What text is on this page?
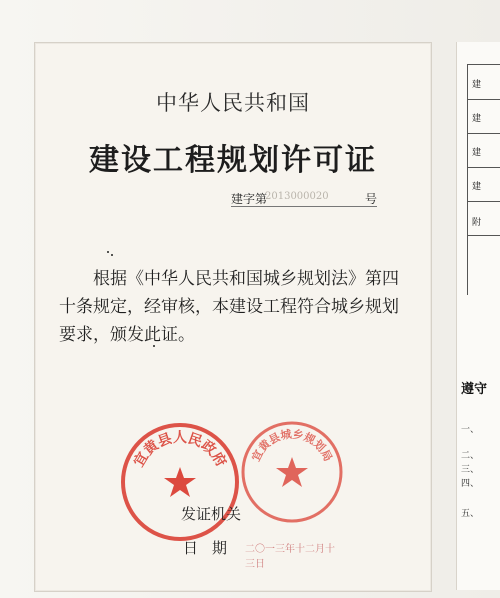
中华人民共和国
建设工程规划许可证
建字第
2013000020	号
根据《中华人民共和国城乡规划法》第四十条规定，经审核，本建设工程符合城乡规划要求，颁发此证。
宜黄县人民政府 宜黄县城乡规划局
发证机关
日期 二〇一三年十二月十三日
建
建
建
建
附
遵守
一、
二、
三、
四、
五、
